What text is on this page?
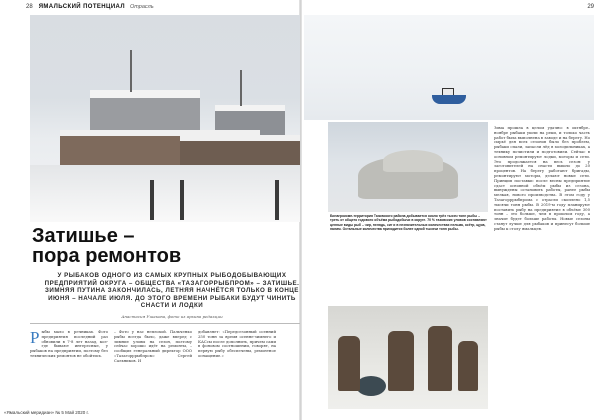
28 ЯМАЛЬСКИЙ ПОТЕНЦИАЛ Отрасль	29
Бинагрокомп-территория Тазовского района добывается около трёх тысяч тонн рыбы – треть от общего годового объёма рыбодобычи в округе. 70 % тазовских уловов составляют ценные виды рыб – чир, пелядь, сиг и в незначительных количествах нельма, осётр, щука, налим. Остальные количества приходится более одной тысячи тонн рыбы.
Затишье –
пора ремонтов
У РЫБАКОВ ОДНОГО ИЗ САМЫХ КРУПНЫХ РЫБОДОБЫВАЮЩИХ ПРЕДПРИЯТИЙ ОКРУГА – ОБЩЕСТВА «ТАЗАГОРРЫБПРОМ» – ЗАТИШЬЕ. ЗИМНЯЯ ПУТИНА ЗАКОНЧИЛАСЬ, ЛЕТНЯЯ НАЧНЁТСЯ ТОЛЬКО В КОНЦЕ ИЮНЯ – НАЧАЛЕ ИЮЛЯ. ДО ЭТОГО ВРЕМЕНИ РЫБАКИ БУДУТ ЧИНИТЬ СНАСТИ И ЛОДКИ
Анастасия Ушакова, фото из архива редакции
Р ыбы мало в речниках. Фото предприятия последний раз обновили в 7-8 лет назад, кое-где бывают интересные, у рыбаков на предприятии, поэтому без технических ремонтов не обойтись.
– Фото у нас неплохой. Пальченко рыбы всегда было, даже вперед с зимние уловы на сезон, поэтому сейчас хорошо идёт на ремонты, – сообщил генеральный директор ООО «Тазагорррыбпром» Сергей Сальников. И
добавляет: «Передсезонный осенний 250 тонн за время осенне-зимнего и КАСсы после дополнить, причем сами в фоновом соотношении, говорят, на первую рыбу обеспечены, ремонтное оснащение.»
Зима прошла в целом удачно: в октябре–ноябре рыбаки ушли на реки, и только часть работ была выполнена в заводе и на берегу. Но сырьё для всех сезонов было без проблем, рыбаки спали, запасли лёд в холодильниках, а технику почистили и подготовили. Сейчас в основном ремонтируют лодки, моторы и сети. Это продолжается на весь сезон: у заготовителей на снасти вышло до 20 процентов. На берегу работают бригады, ремонтируют моторы, делают новые сети. Принцип поставки: после весны предприятие сдаст основной объём рыбы из сезона, вынуждены остановить работы, ранее рыбы мелкая, нового производства. В этом году у Тазагорррыбпрома с отрасли скоплено 1,5 тысячи тонн рыбы. В 2019-м году планируют поставить рыбу на предприятие в объёме 300 тонн – это больше, чем в прошлом году, а значит будет больше работы. Новые сезоны станут лучше для рыбаков и принесут больше рыбы к столу ямальцев.
«Ямальский меридиан» № 5 Май 2020 г.
